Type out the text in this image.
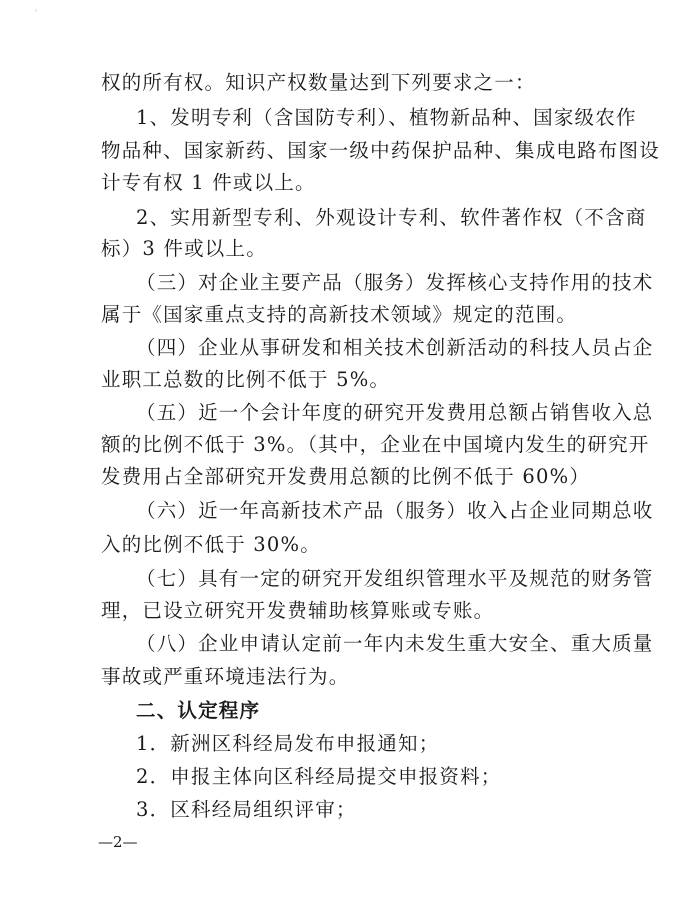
`
权的所有权。知识产权数量达到下列要求之一：
1、发明专利（含国防专利）、植物新品种、国家级农作
物品种、国家新药、国家一级中药保护品种、集成电路布图设
计专有权 1 件或以上。
2、实用新型专利、外观设计专利、软件著作权（不含商
标）3 件或以上。
（三）对企业主要产品（服务）发挥核心支持作用的技术
属于《国家重点支持的高新技术领域》规定的范围。
（四）企业从事研发和相关技术创新活动的科技人员占企
业职工总数的比例不低于 5%。
（五）近一个会计年度的研究开发费用总额占销售收入总
额的比例不低于 3%。（其中，企业在中国境内发生的研究开
发费用占全部研究开发费用总额的比例不低于 60%）
（六）近一年高新技术产品（服务）收入占企业同期总收
入的比例不低于 30%。
（七）具有一定的研究开发组织管理水平及规范的财务管
理，已设立研究开发费辅助核算账或专账。
（八）企业申请认定前一年内未发生重大安全、重大质量
事故或严重环境违法行为。
二、认定程序
1．新洲区科经局发布申报通知；
2．申报主体向区科经局提交申报资料；
3．区科经局组织评审；
—2—
